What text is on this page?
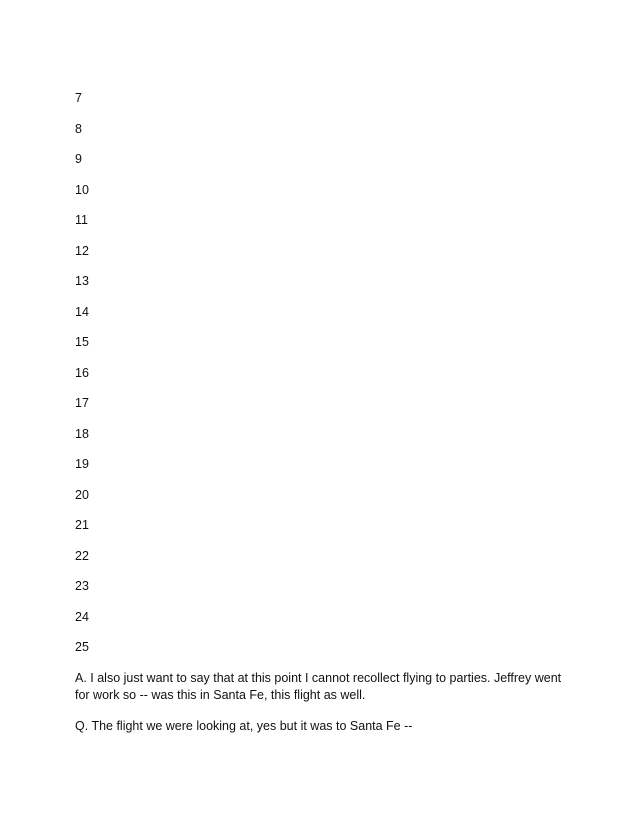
7
8
9
10
11
12
13
14
15
16
17
18
19
20
21
22
23
24
25

A. I also just want to say that at this point I cannot recollect flying to parties. Jeffrey went for work so -- was this in Santa Fe, this flight as well.

Q. The flight we were looking at, yes but it was to Santa Fe --
